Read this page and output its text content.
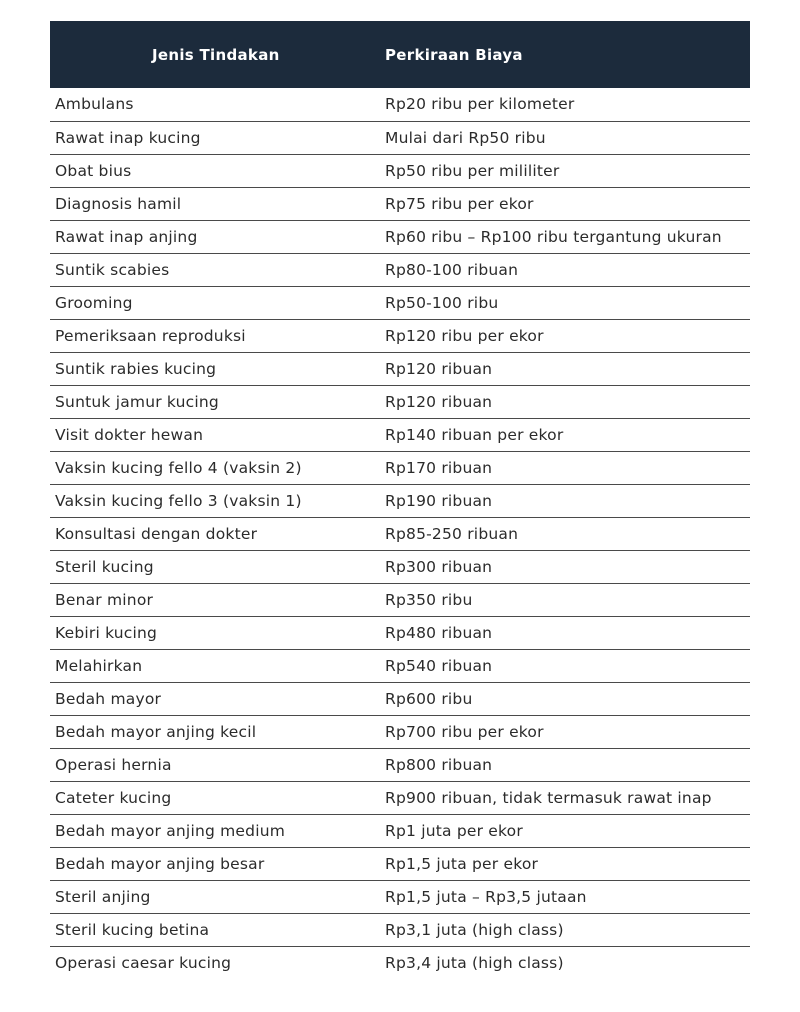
Jenis Tindakan	Perkiraan Biaya
Ambulans	Rp20 ribu per kilometer
Rawat inap kucing	Mulai dari Rp50 ribu
Obat bius	Rp50 ribu per mililiter
Diagnosis hamil	Rp75 ribu per ekor
Rawat inap anjing	Rp60 ribu – Rp100 ribu tergantung ukuran
Suntik scabies	Rp80-100 ribuan
Grooming	Rp50-100 ribu
Pemeriksaan reproduksi	Rp120 ribu per ekor
Suntik rabies kucing	Rp120 ribuan
Suntuk jamur kucing	Rp120 ribuan
Visit dokter hewan	Rp140 ribuan per ekor
Vaksin kucing fello 4 (vaksin 2)	Rp170 ribuan
Vaksin kucing fello 3 (vaksin 1)	Rp190 ribuan
Konsultasi dengan dokter	Rp85-250 ribuan
Steril kucing	Rp300 ribuan
Benar minor	Rp350 ribu
Kebiri kucing	Rp480 ribuan
Melahirkan	Rp540 ribuan
Bedah mayor	Rp600 ribu
Bedah mayor anjing kecil	Rp700 ribu per ekor
Operasi hernia	Rp800 ribuan
Cateter kucing	Rp900 ribuan, tidak termasuk rawat inap
Bedah mayor anjing medium	Rp1 juta per ekor
Bedah mayor anjing besar	Rp1,5 juta per ekor
Steril anjing	Rp1,5 juta – Rp3,5 jutaan
Steril kucing betina	Rp3,1 juta (high class)
Operasi caesar kucing	Rp3,4 juta (high class)
